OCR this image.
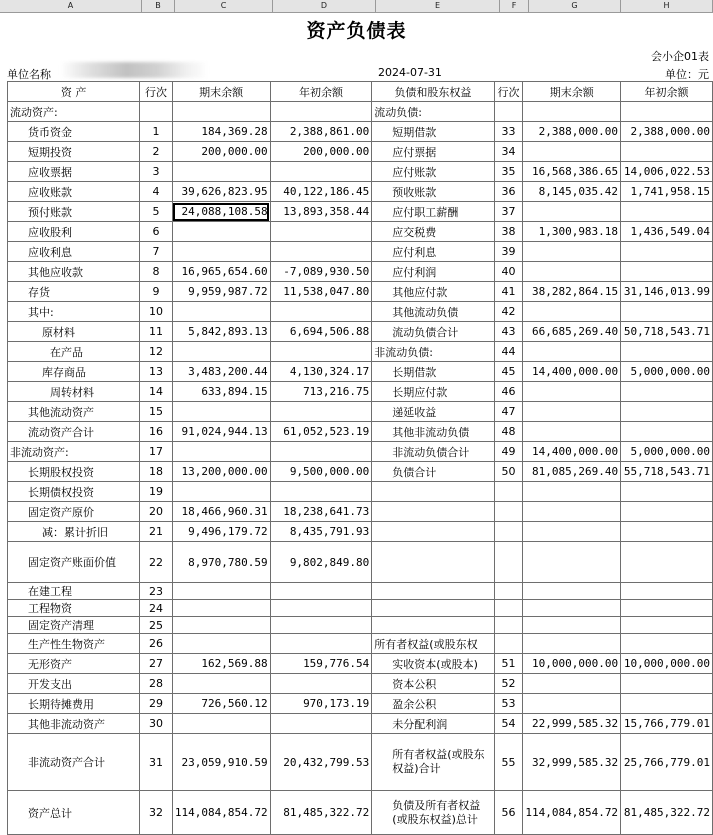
A	B	C	D	E	F	G	H
资产负债表
会小企01表
单位名称	2024-07-31	单位：元
资 产	行次	期末余额	年初余额	负债和股东权益	行次	期末余额	年初余额
流动资产:				流动负债:			
货币资金	1	184,369.28	2,388,861.00	短期借款	33	2,388,000.00	2,388,000.00
短期投资	2	200,000.00	200,000.00	应付票据	34		
应收票据	3			应付账款	35	16,568,386.65	14,006,022.53
应收账款	4	39,626,823.95	40,122,186.45	预收账款	36	8,145,035.42	1,741,958.15
预付账款	5	24,088,108.58	13,893,358.44	应付职工薪酬	37		
应收股利	6			应交税费	38	1,300,983.18	1,436,549.04
应收利息	7			应付利息	39		
其他应收款	8	16,965,654.60	-7,089,930.50	应付利润	40		
存货	9	9,959,987.72	11,538,047.80	其他应付款	41	38,282,864.15	31,146,013.99
其中:	10			其他流动负债	42		
原材料	11	5,842,893.13	6,694,506.88	流动负债合计	43	66,685,269.40	50,718,543.71
在产品	12			非流动负债:	44		
库存商品	13	3,483,200.44	4,130,324.17	长期借款	45	14,400,000.00	5,000,000.00
周转材料	14	633,894.15	713,216.75	长期应付款	46		
其他流动资产	15			递延收益	47		
流动资产合计	16	91,024,944.13	61,052,523.19	其他非流动负债	48		
非流动资产:	17			非流动负债合计	49	14,400,000.00	5,000,000.00
长期股权投资	18	13,200,000.00	9,500,000.00	负债合计	50	81,085,269.40	55,718,543.71
长期债权投资	19						
固定资产原价	20	18,466,960.31	18,238,641.73				
减：累计折旧	21	9,496,179.72	8,435,791.93				
固定资产账面价值	22	8,970,780.59	9,802,849.80				
在建工程	23						
工程物资	24						
固定资产清理	25						
生产性生物资产	26			所有者权益(或股东权			
无形资产	27	162,569.88	159,776.54	实收资本(或股本)	51	10,000,000.00	10,000,000.00
开发支出	28			资本公积	52		
长期待摊费用	29	726,560.12	970,173.19	盈余公积	53		
其他非流动资产	30			未分配利润	54	22,999,585.32	15,766,779.01
非流动资产合计	31	23,059,910.59	20,432,799.53	所有者权益(或股东权益)合计	55	32,999,585.32	25,766,779.01
资产总计	32	114,084,854.72	81,485,322.72	负债及所有者权益(或股东权益)总计	56	114,084,854.72	81,485,322.72
